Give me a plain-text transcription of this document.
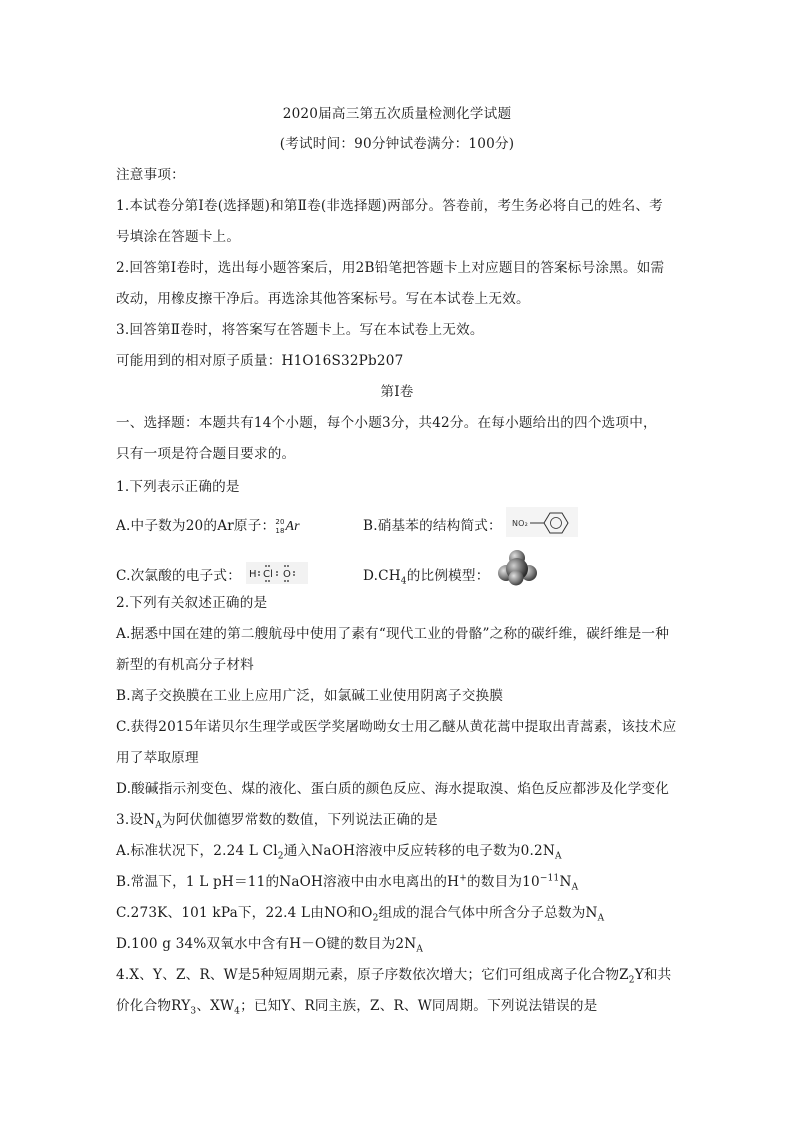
2020届高三第五次质量检测化学试题
(考试时间：90分钟试卷满分：100分)
注意事项：
1.本试卷分第Ⅰ卷(选择题)和第Ⅱ卷(非选择题)两部分。答卷前，考生务必将自己的姓名、考
号填涂在答题卡上。
2.回答第Ⅰ卷时，选出每小题答案后，用2B铅笔把答题卡上对应题目的答案标号涂黑。如需
改动，用橡皮擦干净后。再选涂其他答案标号。写在本试卷上无效。
3.回答第Ⅱ卷时，将答案写在答题卡上。写在本试卷上无效。
可能用到的相对原子质量：H1O16S32Pb207
第Ⅰ卷
一、选择题：本题共有14个小题，每个小题3分，共42分。在每小题给出的四个选项中，
只有一项是符合题目要求的。
1.下列表示正确的是
A.中子数为20的Ar原子： 20
18 Ar	B.硝基苯的结构简式： NO₂
C.次氯酸的电子式： H Cl O	$D.CH_4$的比例模型：
2.下列有关叙述正确的是
A.据悉中国在建的第二艘航母中使用了素有“现代工业的骨骼”之称的碳纤维，碳纤维是一种
新型的有机高分子材料
B.离子交换膜在工业上应用广泛，如氯碱工业使用阴离子交换膜
C.获得2015年诺贝尔生理学或医学奖屠呦呦女士用乙醚从黄花蒿中提取出青蒿素，该技术应
用了萃取原理
D.酸碱指示剂变色、煤的液化、蛋白质的颜色反应、海水提取溴、焰色反应都涉及化学变化
3.设$N_A$为阿伏伽德罗常数的数值，下列说法正确的是
A.标准状况下，2.24 L $Cl_2$通入NaOH溶液中反应转移的电子数为$0.2N_A$
B.常温下，1 L pH＝11的NaOH溶液中由水电离出的H+的数目为$10^{-11}N_A$
C.273K、101 kPa下，22.4 L由NO和$O_2$组成的混合气体中所含分子总数为$N_A$
D.100 g 34%双氧水中含有H－O键的数目为$2N_A$
4.X、Y、Z、R、W是5种短周期元素，原子序数依次增大；它们可组成离子化合物$Z_2Y$和共
价化合物$RY_3$、$XW_4$；已知Y、R同主族，Z、R、W同周期。下列说法错误的是
